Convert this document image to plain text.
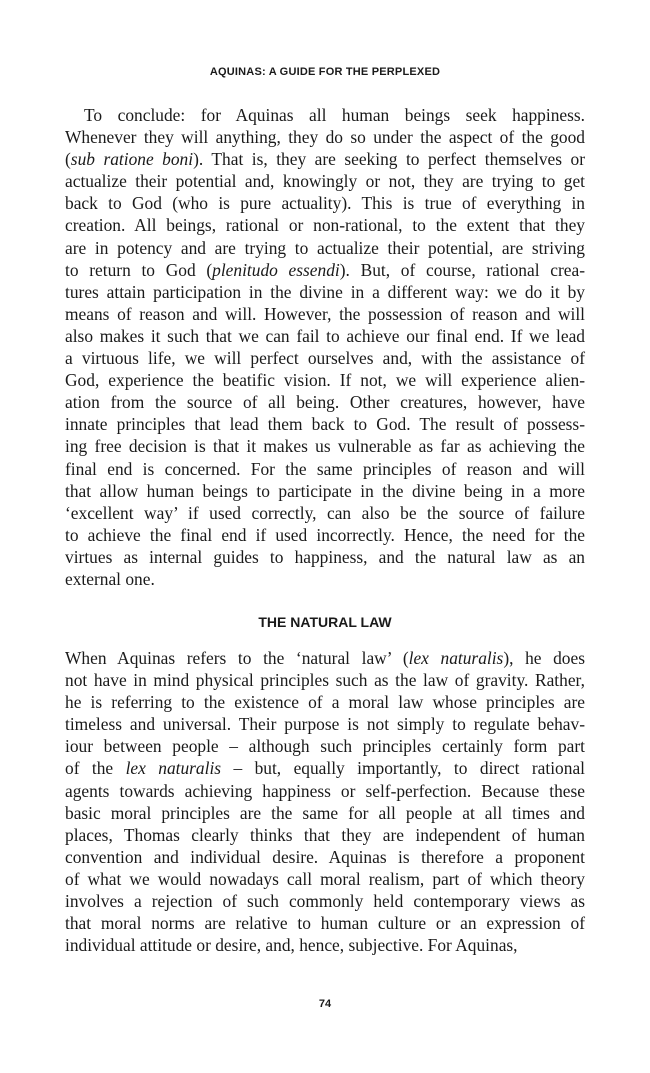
AQUINAS: A GUIDE FOR THE PERPLEXED
To conclude: for Aquinas all human beings seek happiness.
Whenever they will anything, they do so under the aspect of the good
(sub ratione boni). That is, they are seeking to perfect themselves or
actualize their potential and, knowingly or not, they are trying to get
back to God (who is pure actuality). This is true of everything in
creation. All beings, rational or non-rational, to the extent that they
are in potency and are trying to actualize their potential, are striving
to return to God (plenitudo essendi). But, of course, rational crea-
tures attain participation in the divine in a different way: we do it by
means of reason and will. However, the possession of reason and will
also makes it such that we can fail to achieve our final end. If we lead
a virtuous life, we will perfect ourselves and, with the assistance of
God, experience the beatific vision. If not, we will experience alien-
ation from the source of all being. Other creatures, however, have
innate principles that lead them back to God. The result of possess-
ing free decision is that it makes us vulnerable as far as achieving the
final end is concerned. For the same principles of reason and will
that allow human beings to participate in the divine being in a more
‘excellent way’ if used correctly, can also be the source of failure
to achieve the final end if used incorrectly. Hence, the need for the
virtues as internal guides to happiness, and the natural law as an
external one.
THE NATURAL LAW
When Aquinas refers to the ‘natural law’ (lex naturalis), he does
not have in mind physical principles such as the law of gravity. Rather,
he is referring to the existence of a moral law whose principles are
timeless and universal. Their purpose is not simply to regulate behav-
iour between people – although such principles certainly form part
of the lex naturalis – but, equally importantly, to direct rational
agents towards achieving happiness or self-perfection. Because these
basic moral principles are the same for all people at all times and
places, Thomas clearly thinks that they are independent of human
convention and individual desire. Aquinas is therefore a proponent
of what we would nowadays call moral realism, part of which theory
involves a rejection of such commonly held contemporary views as
that moral norms are relative to human culture or an expression of
individual attitude or desire, and, hence, subjective. For Aquinas,
74
